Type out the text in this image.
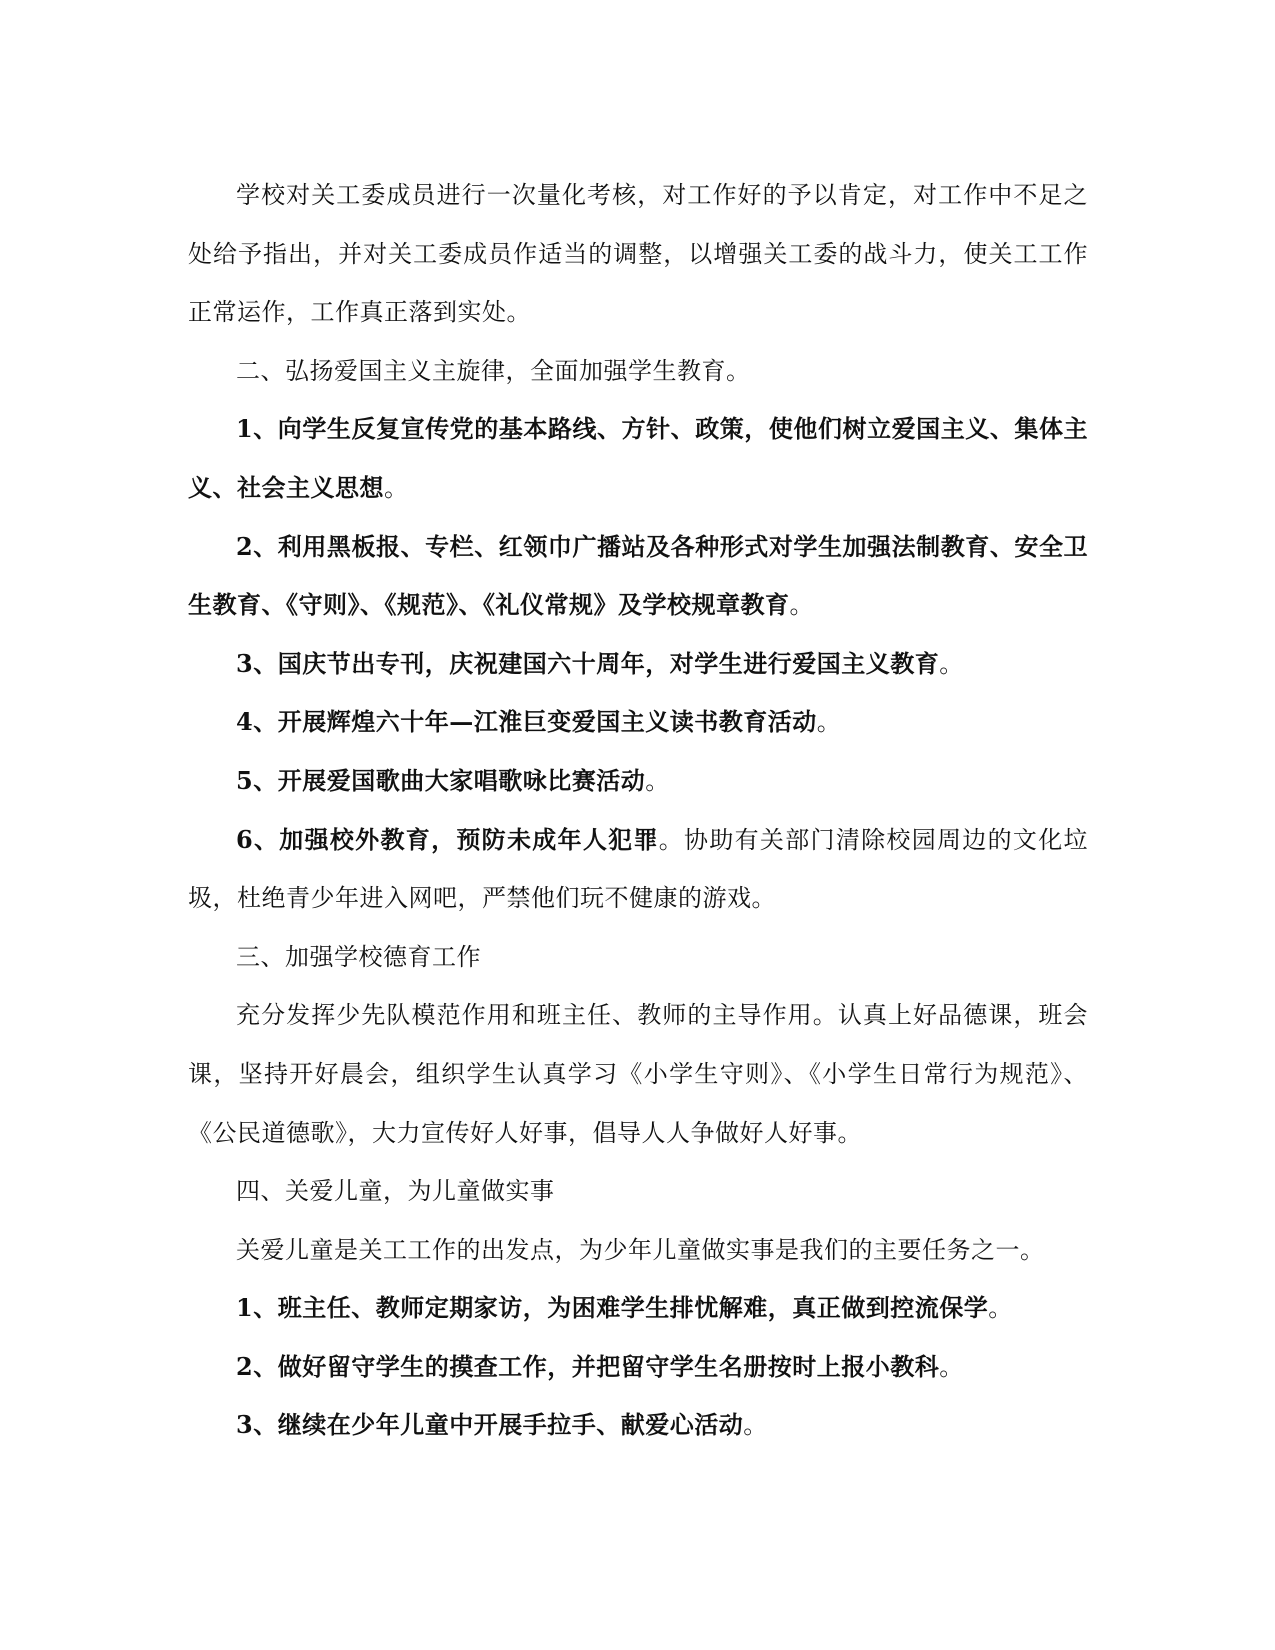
学校对关工委成员进行一次量化考核，对工作好的予以肯定，对工作中不足之处给予指出，并对关工委成员作适当的调整，以增强关工委的战斗力，使关工工作正常运作，工作真正落到实处。

二、弘扬爱国主义主旋律，全面加强学生教育。

1、向学生反复宣传党的基本路线、方针、政策，使他们树立爱国主义、集体主义、社会主义思想。

2、利用黑板报、专栏、红领巾广播站及各种形式对学生加强法制教育、安全卫生教育、《守则》、《规范》、《礼仪常规》及学校规章教育。

3、国庆节出专刊，庆祝建国六十周年，对学生进行爱国主义教育。

4、开展辉煌六十年—江淮巨变爱国主义读书教育活动。

5、开展爱国歌曲大家唱歌咏比赛活动。

6、加强校外教育，预防未成年人犯罪。协助有关部门清除校园周边的文化垃圾，杜绝青少年进入网吧，严禁他们玩不健康的游戏。

三、加强学校德育工作

充分发挥少先队模范作用和班主任、教师的主导作用。认真上好品德课，班会课，坚持开好晨会，组织学生认真学习《小学生守则》、《小学生日常行为规范》、《公民道德歌》，大力宣传好人好事，倡导人人争做好人好事。

四、关爱儿童，为儿童做实事

关爱儿童是关工工作的出发点，为少年儿童做实事是我们的主要任务之一。

1、班主任、教师定期家访，为困难学生排忧解难，真正做到控流保学。

2、做好留守学生的摸查工作，并把留守学生名册按时上报小教科。

3、继续在少年儿童中开展手拉手、献爱心活动。
